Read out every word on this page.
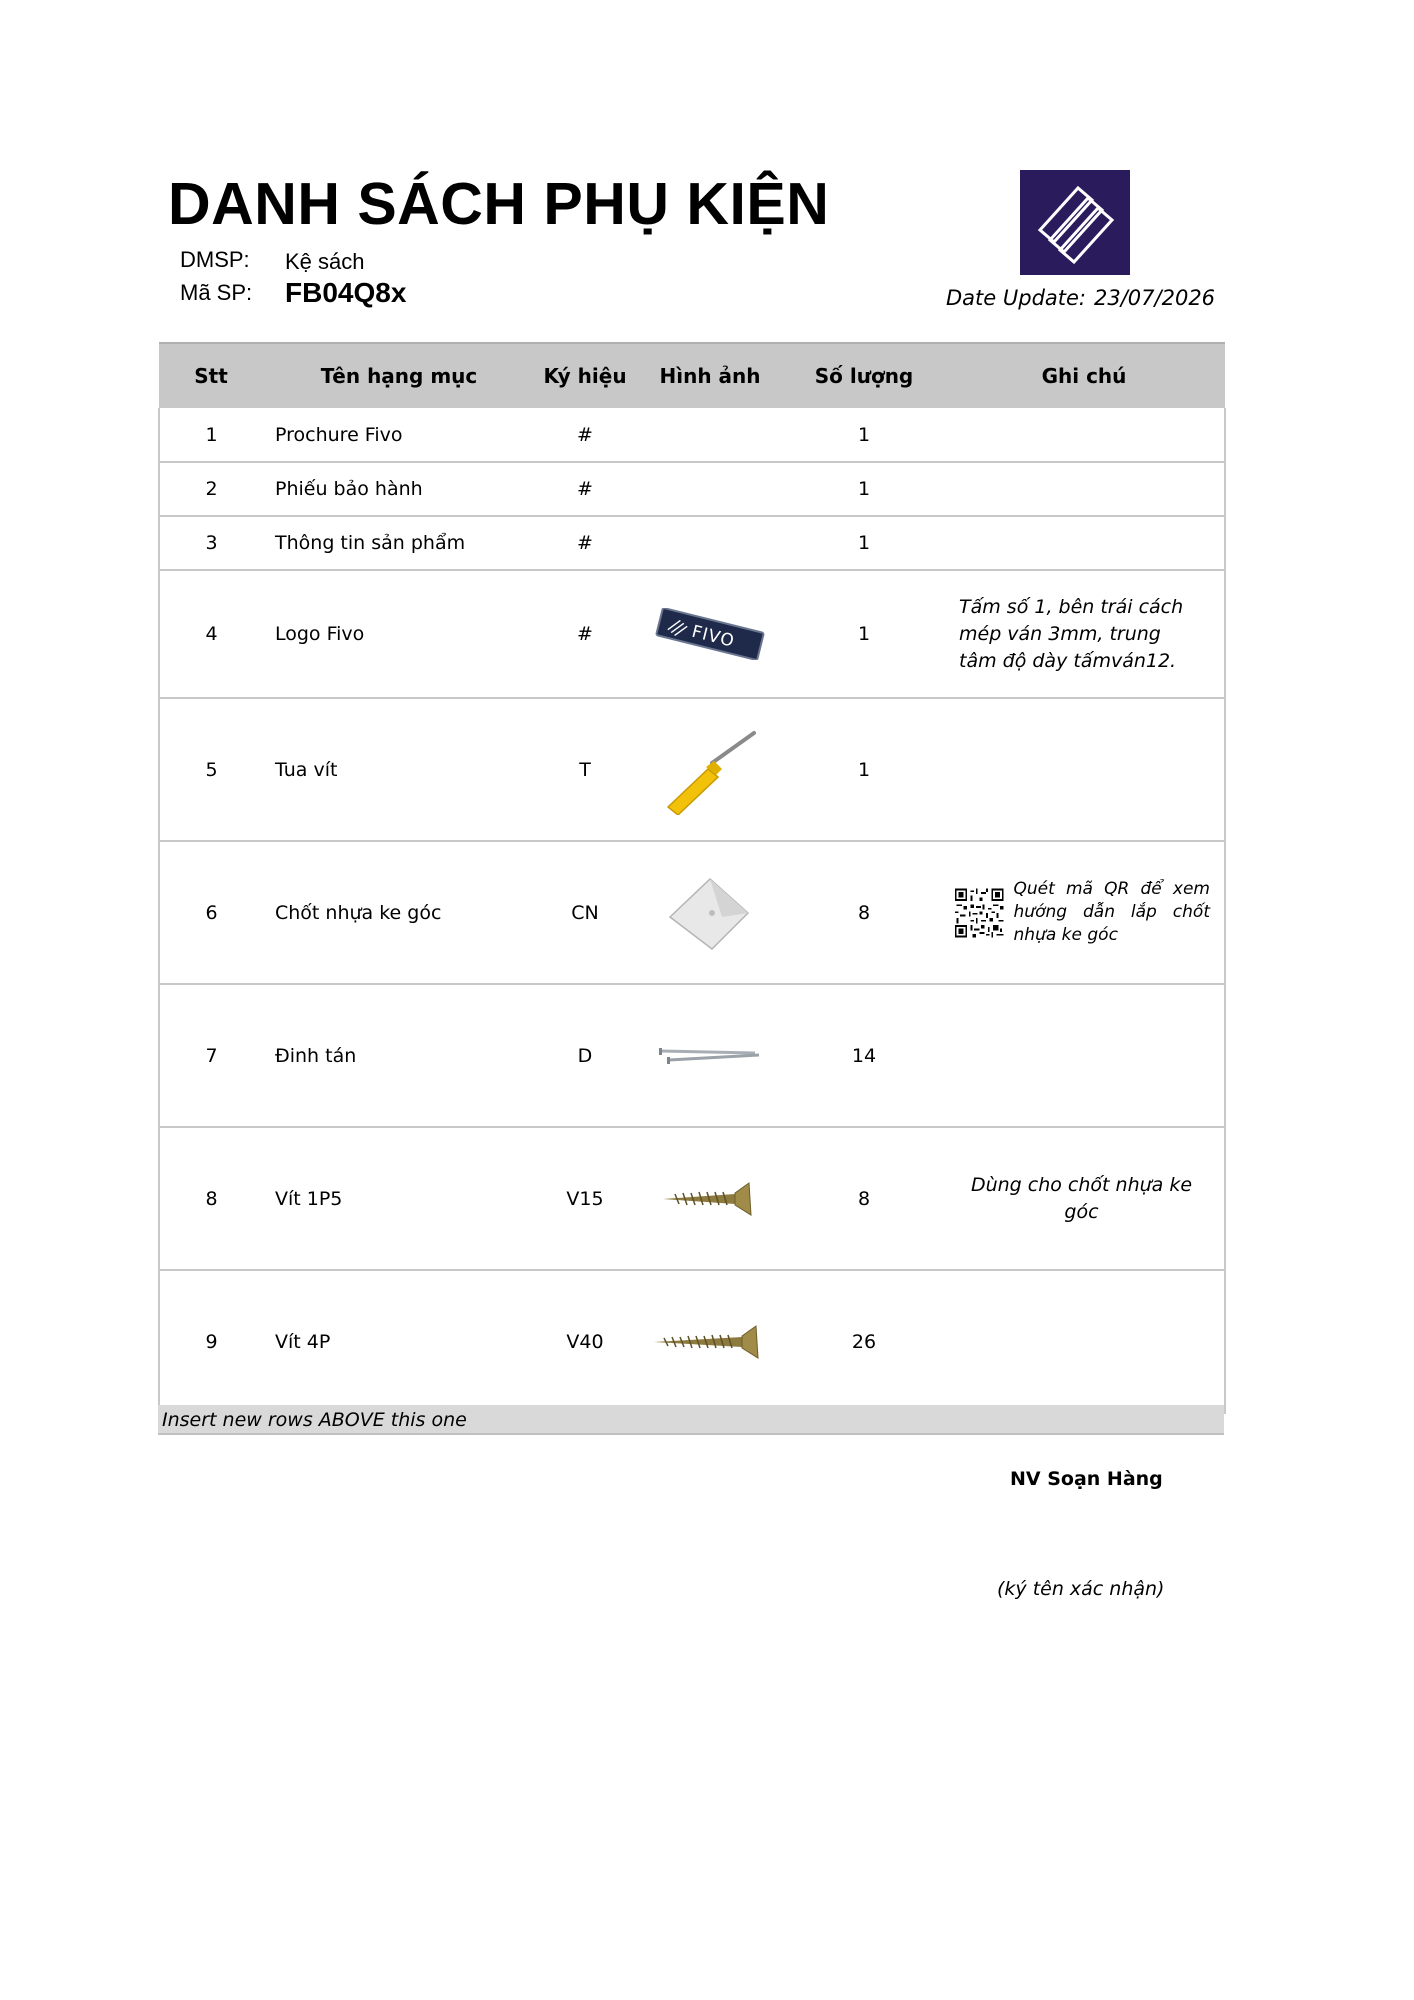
DANH SÁCH PHỤ KIỆN
DMSP: Kệ sách
Mã SP: FB04Q8x	Date Update: 23/07/2026
Stt	Tên hạng mục	Ký hiệu	Hình ảnh	Số lượng	Ghi chú
1	Prochure Fivo	#		1	
2	Phiếu bảo hành	#		1	
3	Thông tin sản phẩm	#		1	
4	Logo Fivo	#	FIVO	1	Tấm số 1, bên trái cách mép ván 3mm, trung tâm độ dày tấmván12.
5	Tua vít	T		1	
6	Chốt nhựa ke góc	CN		8	Quét mã QR để xem hướng dẫn lắp chốt nhựa ke góc

7	Đinh tán	D		14	
8	Vít 1P5	V15		8	Dùng cho chốt nhựa ke góc
9	Vít 4P	V40		26	
Insert new rows ABOVE this one
NV Soạn Hàng
(ký tên xác nhận)
